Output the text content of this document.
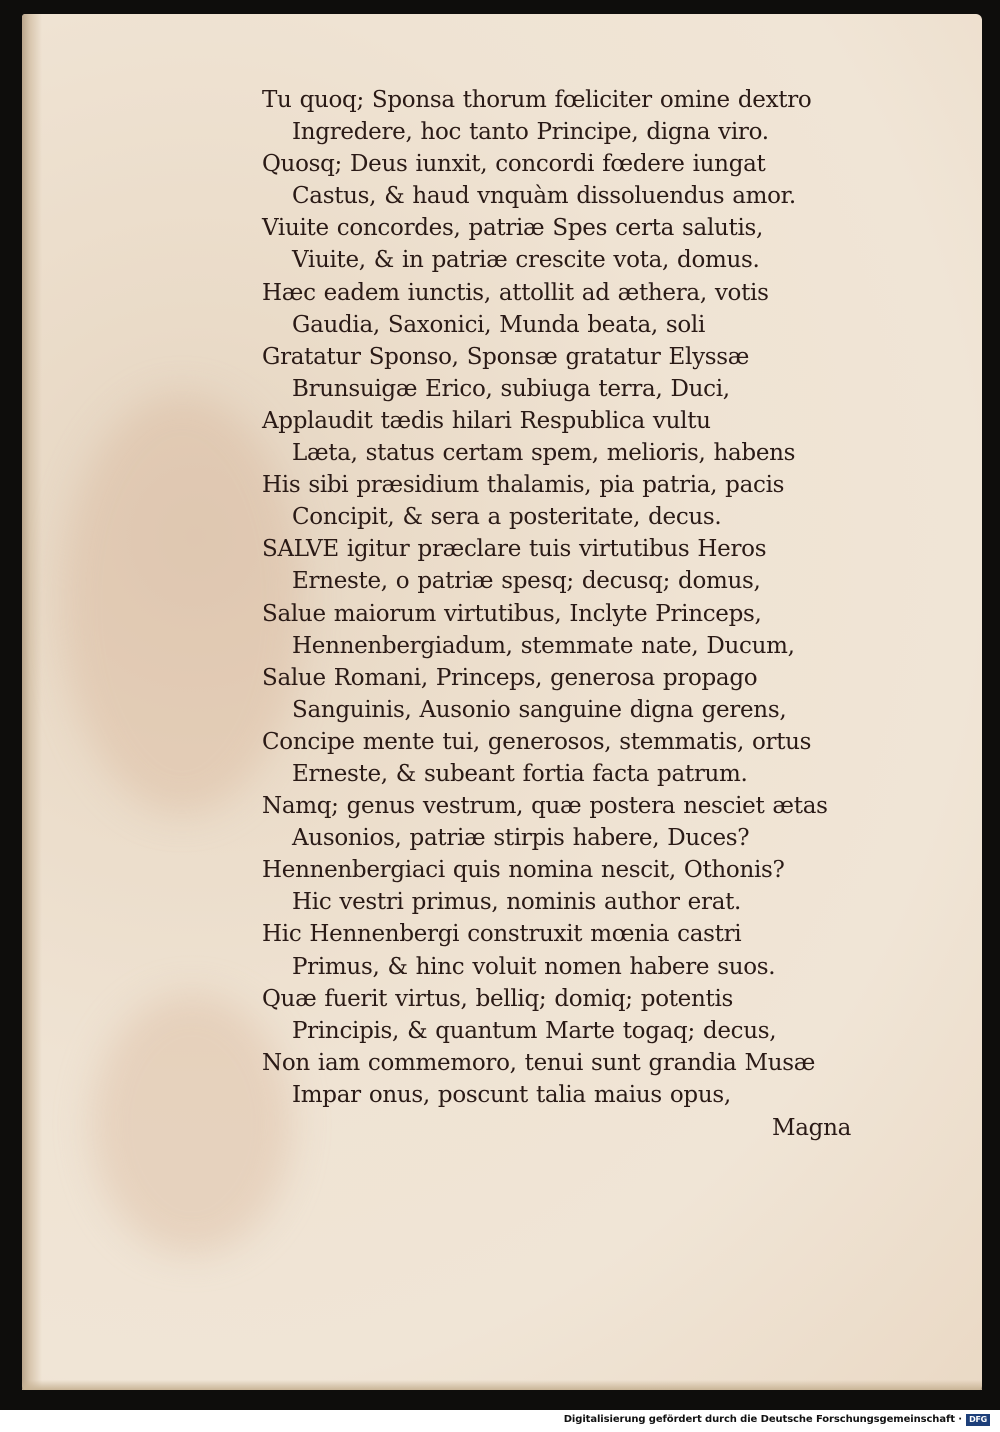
Tu quoq; Sponsa thorum fœliciter omine dextro
Ingredere, hoc tanto Principe, digna viro.
Quosq; Deus iunxit, concordi fœdere iungat
Castus, & haud vnquàm dissoluendus amor.
Viuite concordes, patriæ Spes certa salutis,
Viuite, & in patriæ crescite vota, domus.
Hæc eadem iunctis, attollit ad æthera, votis
Gaudia, Saxonici, Munda beata, soli
Gratatur Sponso, Sponsæ gratatur Elyssæ
Brunsuigæ Erico, subiuga terra, Duci,
Applaudit tædis hilari Respublica vultu
Læta, status certam spem, melioris, habens
His sibi præsidium thalamis, pia patria, pacis
Concipit, & sera a posteritate, decus.
SALVE igitur præclare tuis virtutibus Heros
Erneste, o patriæ spesq; decusq; domus,
Salue maiorum virtutibus, Inclyte Princeps,
Hennenbergiadum, stemmate nate, Ducum,
Salue Romani, Princeps, generosa propago
Sanguinis, Ausonio sanguine digna gerens,
Concipe mente tui, generosos, stemmatis, ortus
Erneste, & subeant fortia facta patrum.
Namq; genus vestrum, quæ postera nesciet ætas
Ausonios, patriæ stirpis habere, Duces?
Hennenbergiaci quis nomina nescit, Othonis?
Hic vestri primus, nominis author erat.
Hic Hennenbergi construxit mœnia castri
Primus, & hinc voluit nomen habere suos.
Quæ fuerit virtus, belliq; domiq; potentis
Principis, & quantum Marte togaq; decus,
Non iam commemoro, tenui sunt grandia Musæ
Impar onus, poscunt talia maius opus,
Magna
Digitalisierung gefördert durch die Deutsche Forschungsgemeinschaft · DFG
